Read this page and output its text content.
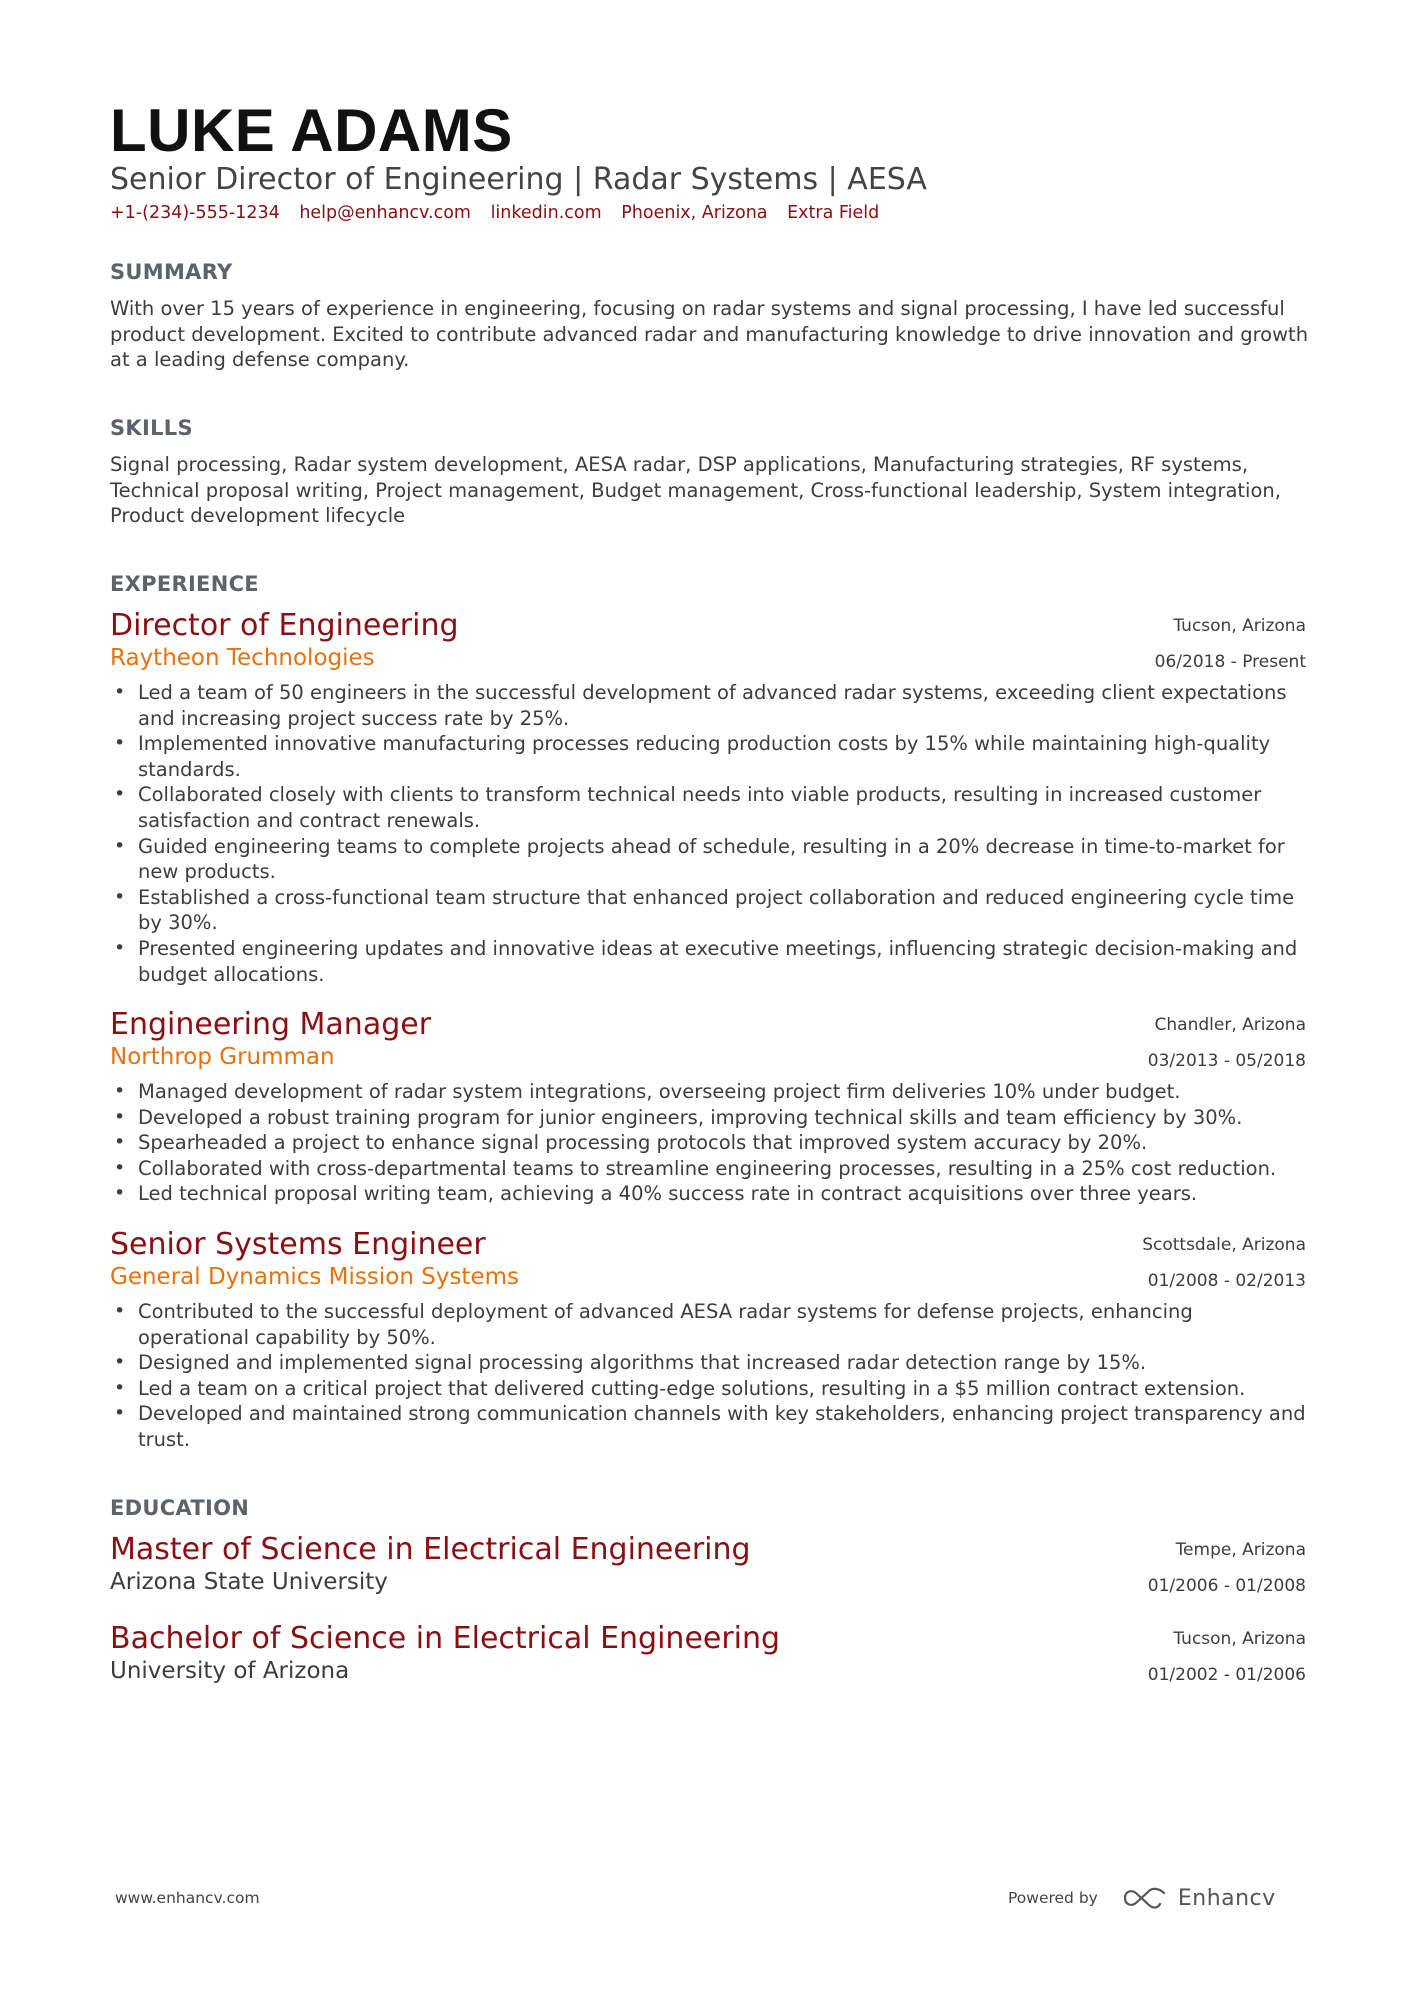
LUKE ADAMS
Senior Director of Engineering | Radar Systems | AESA
+1-(234)-555-1234 help@enhancv.com linkedin.com Phoenix, Arizona Extra Field
SUMMARY
With over 15 years of experience in engineering, focusing on radar systems and signal processing, I have led successful product development. Excited to contribute advanced radar and manufacturing knowledge to drive innovation and growth at a leading defense company.
SKILLS
Signal processing, Radar system development, AESA radar, DSP applications, Manufacturing strategies, RF systems, Technical proposal writing, Project management, Budget management, Cross-functional leadership, System integration, Product development lifecycle
EXPERIENCE
Director of Engineering
Raytheon Technologies
Tucson, Arizona
06/2018 - Present
• Led a team of 50 engineers in the successful development of advanced radar systems, exceeding client expectations and increasing project success rate by 25%.
• Implemented innovative manufacturing processes reducing production costs by 15% while maintaining high-quality standards.
• Collaborated closely with clients to transform technical needs into viable products, resulting in increased customer satisfaction and contract renewals.
• Guided engineering teams to complete projects ahead of schedule, resulting in a 20% decrease in time-to-market for new products.
• Established a cross-functional team structure that enhanced project collaboration and reduced engineering cycle time by 30%.
• Presented engineering updates and innovative ideas at executive meetings, influencing strategic decision-making and budget allocations.
Engineering Manager
Northrop Grumman
Chandler, Arizona
03/2013 - 05/2018
• Managed development of radar system integrations, overseeing project firm deliveries 10% under budget.
• Developed a robust training program for junior engineers, improving technical skills and team efficiency by 30%.
• Spearheaded a project to enhance signal processing protocols that improved system accuracy by 20%.
• Collaborated with cross-departmental teams to streamline engineering processes, resulting in a 25% cost reduction.
• Led technical proposal writing team, achieving a 40% success rate in contract acquisitions over three years.
Senior Systems Engineer
General Dynamics Mission Systems
Scottsdale, Arizona
01/2008 - 02/2013
• Contributed to the successful deployment of advanced AESA radar systems for defense projects, enhancing operational capability by 50%.
• Designed and implemented signal processing algorithms that increased radar detection range by 15%.
• Led a team on a critical project that delivered cutting-edge solutions, resulting in a $5 million contract extension.
• Developed and maintained strong communication channels with key stakeholders, enhancing project transparency and trust.
EDUCATION
Master of Science in Electrical Engineering
Arizona State University
Tempe, Arizona
01/2006 - 01/2008
Bachelor of Science in Electrical Engineering
University of Arizona
Tucson, Arizona
01/2002 - 01/2006
www.enhancv.com	Powered by	Enhancv
